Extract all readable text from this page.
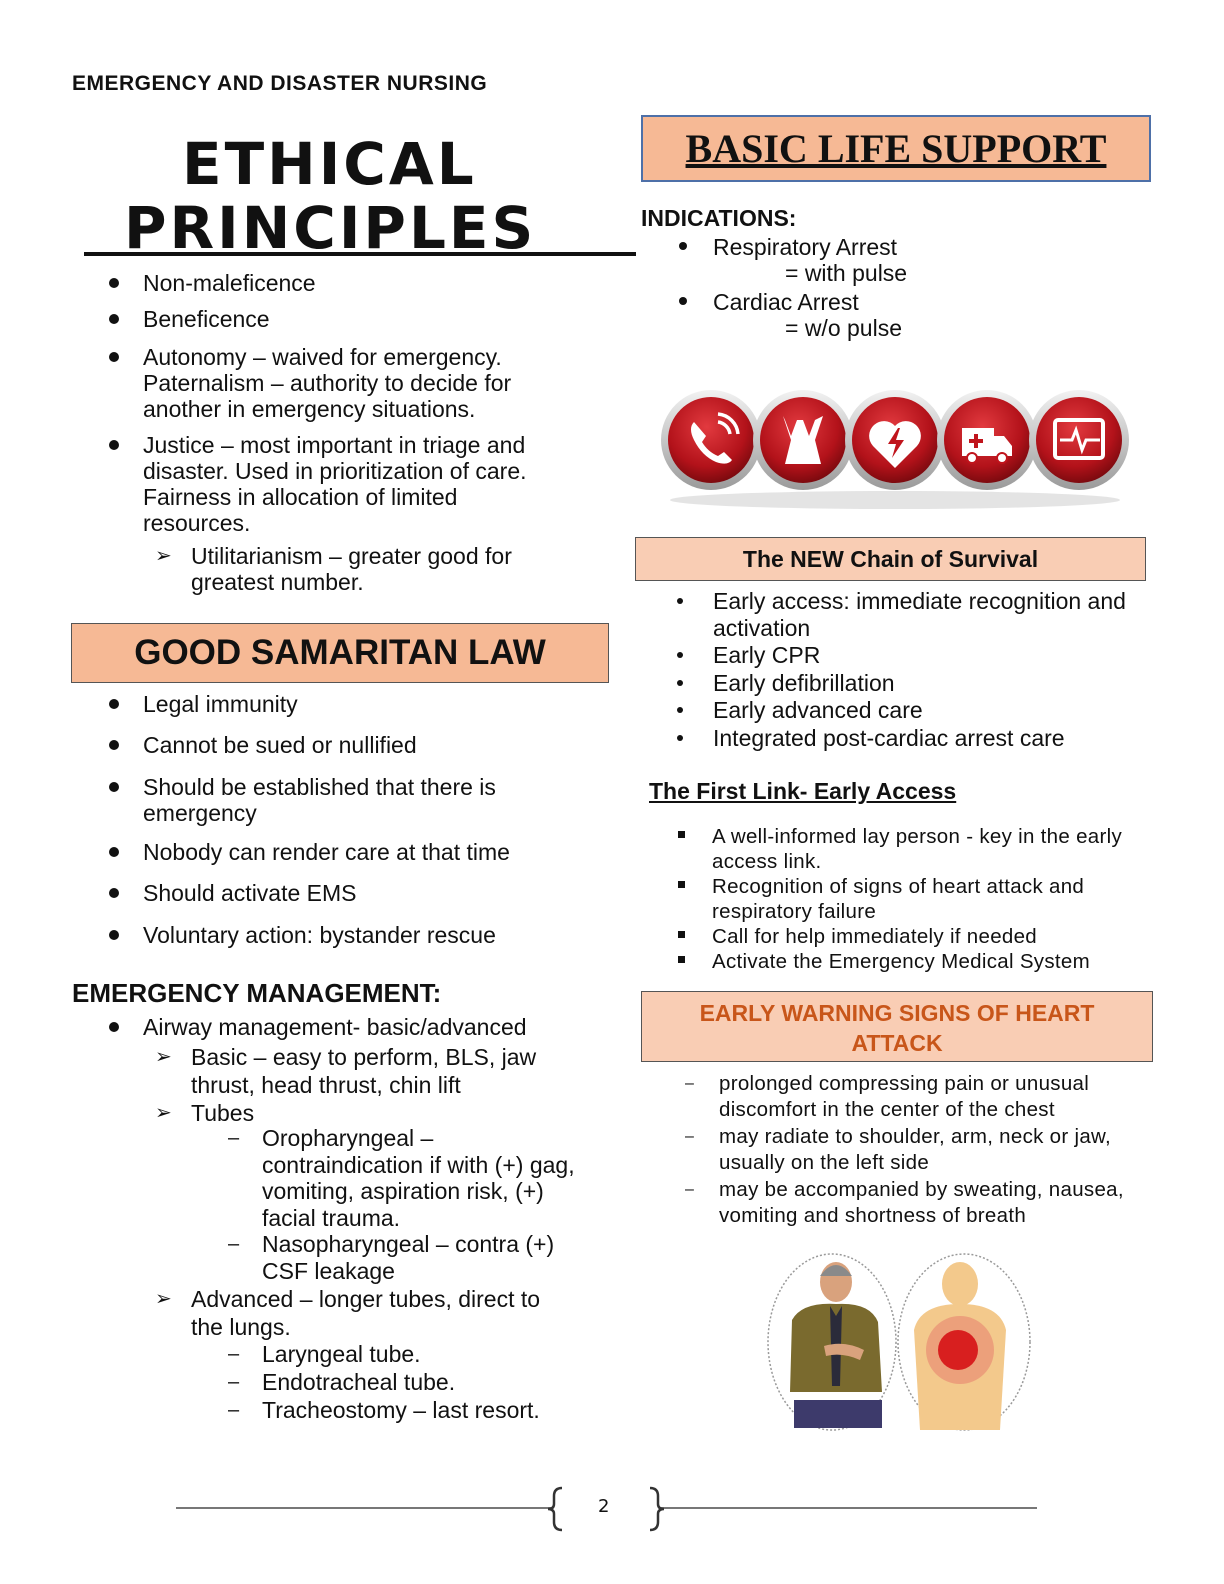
EMERGENCY AND DISASTER NURSING
ETHICAL
PRINCIPLES
Non-maleficence
Beneficence
Autonomy – waived for emergency. Paternalism – authority to decide for another in emergency situations.
Justice – most important in triage and disaster. Used in prioritization of care. Fairness in allocation of limited resources.
➢ Utilitarianism – greater good for greatest number.
GOOD SAMARITAN LAW
Legal immunity
Cannot be sued or nullified
Should be established that there is emergency
Nobody can render care at that time
Should activate EMS
Voluntary action: bystander rescue
EMERGENCY MANAGEMENT:
Airway management- basic/advanced
➢ Basic – easy to perform, BLS, jaw thrust, head thrust, chin lift
➢ Tubes
– Oropharyngeal – contraindication if with (+) gag, vomiting, aspiration risk, (+) facial trauma.
– Nasopharyngeal – contra (+) CSF leakage
➢ Advanced – longer tubes, direct to the lungs.
– Laryngeal tube.
– Endotracheal tube.
– Tracheostomy – last resort.
BASIC LIFE SUPPORT
INDICATIONS:
Respiratory Arrest
= with pulse
Cardiac Arrest
= w/o pulse
The NEW Chain of Survival
Early access: immediate recognition and activation
Early CPR
Early defibrillation
Early advanced care
Integrated post-cardiac arrest care
The First Link- Early Access
A well-informed lay person - key in the early access link.
Recognition of signs of heart attack and respiratory failure
Call for help immediately if needed
Activate the Emergency Medical System
EARLY WARNING SIGNS OF HEART
ATTACK
– prolonged compressing pain or unusual discomfort in the center of the chest
– may radiate to shoulder, arm, neck or jaw, usually on the left side
– may be accompanied by sweating, nausea, vomiting and shortness of breath
2
